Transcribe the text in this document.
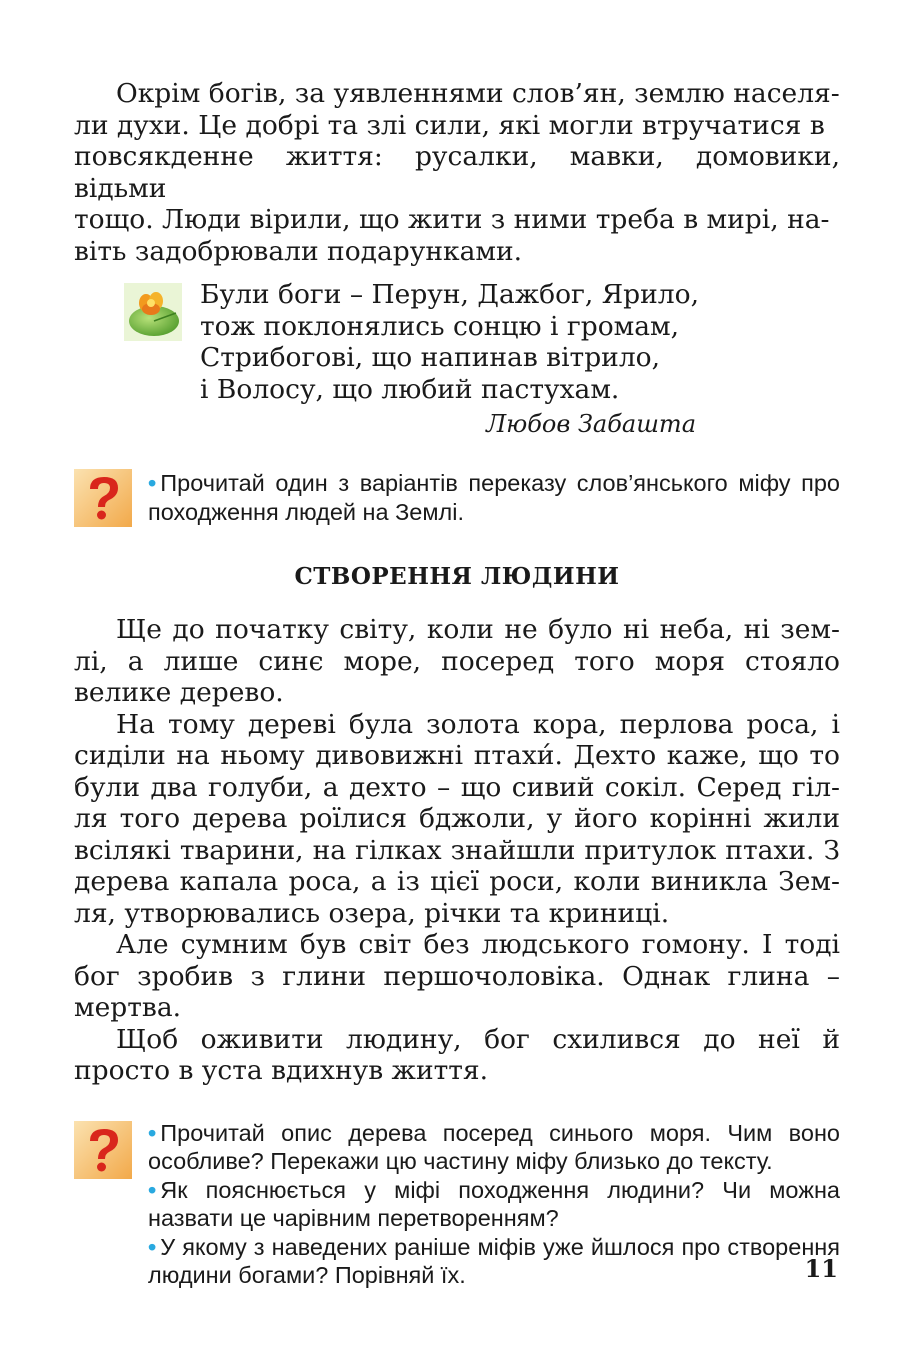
Окрім богів, за уявленнями слов’ян, землю населя-

ли духи. Це добрі та злі сили, які могли втручатися в

повсякденне життя: русалки, мавки, домовики, відьми

тощо. Люди вірили, що жити з ними треба в мирі, на-

віть задобрювали подарунками.

Були боги – Перун, Дажбог, Ярило,
тож поклонялись сонцю і громам,
Стрибогові, що напинав вітрило,
і Волосу, що любий пастухам.
Любов Забашта

• Прочитай один з варіантів переказу слов’янського міфу про походження людей на Землі.

СТВОРЕННЯ ЛЮДИНИ

Ще до початку світу, коли не було ні неба, ні зем-лі, а лише синє море, посеред того моря стояло велике дерево.

На тому дереві була золота кора, перлова роса, і сиділи на ньому дивовижні птахи́. Дехто каже, що то були два голуби, а дехто – що сивий сокіл. Серед гіл-ля того дерева роїлися бджоли, у його корінні жили всілякі тварини, на гілках знайшли притулок птахи. З дерева капала роса, а із цієї роси, коли виникла Зем-ля, утворювались озера, річки та криниці.

Але сумним був світ без людського гомону. І тоді бог зробив з глини першочоловіка. Однак глина – мертва.

Щоб оживити людину, бог схилився до неї й просто в уста вдихнув життя.

• Прочитай опис дерева посеред синього моря. Чим воно особливе? Перекажи цю частину міфу близько до тексту.

• Як пояснюється у міфі походження людини? Чи можна назвати це чарівним перетворенням?

• У якому з наведених раніше міфів уже йшлося про створення людини богами? Порівняй їх.	11
